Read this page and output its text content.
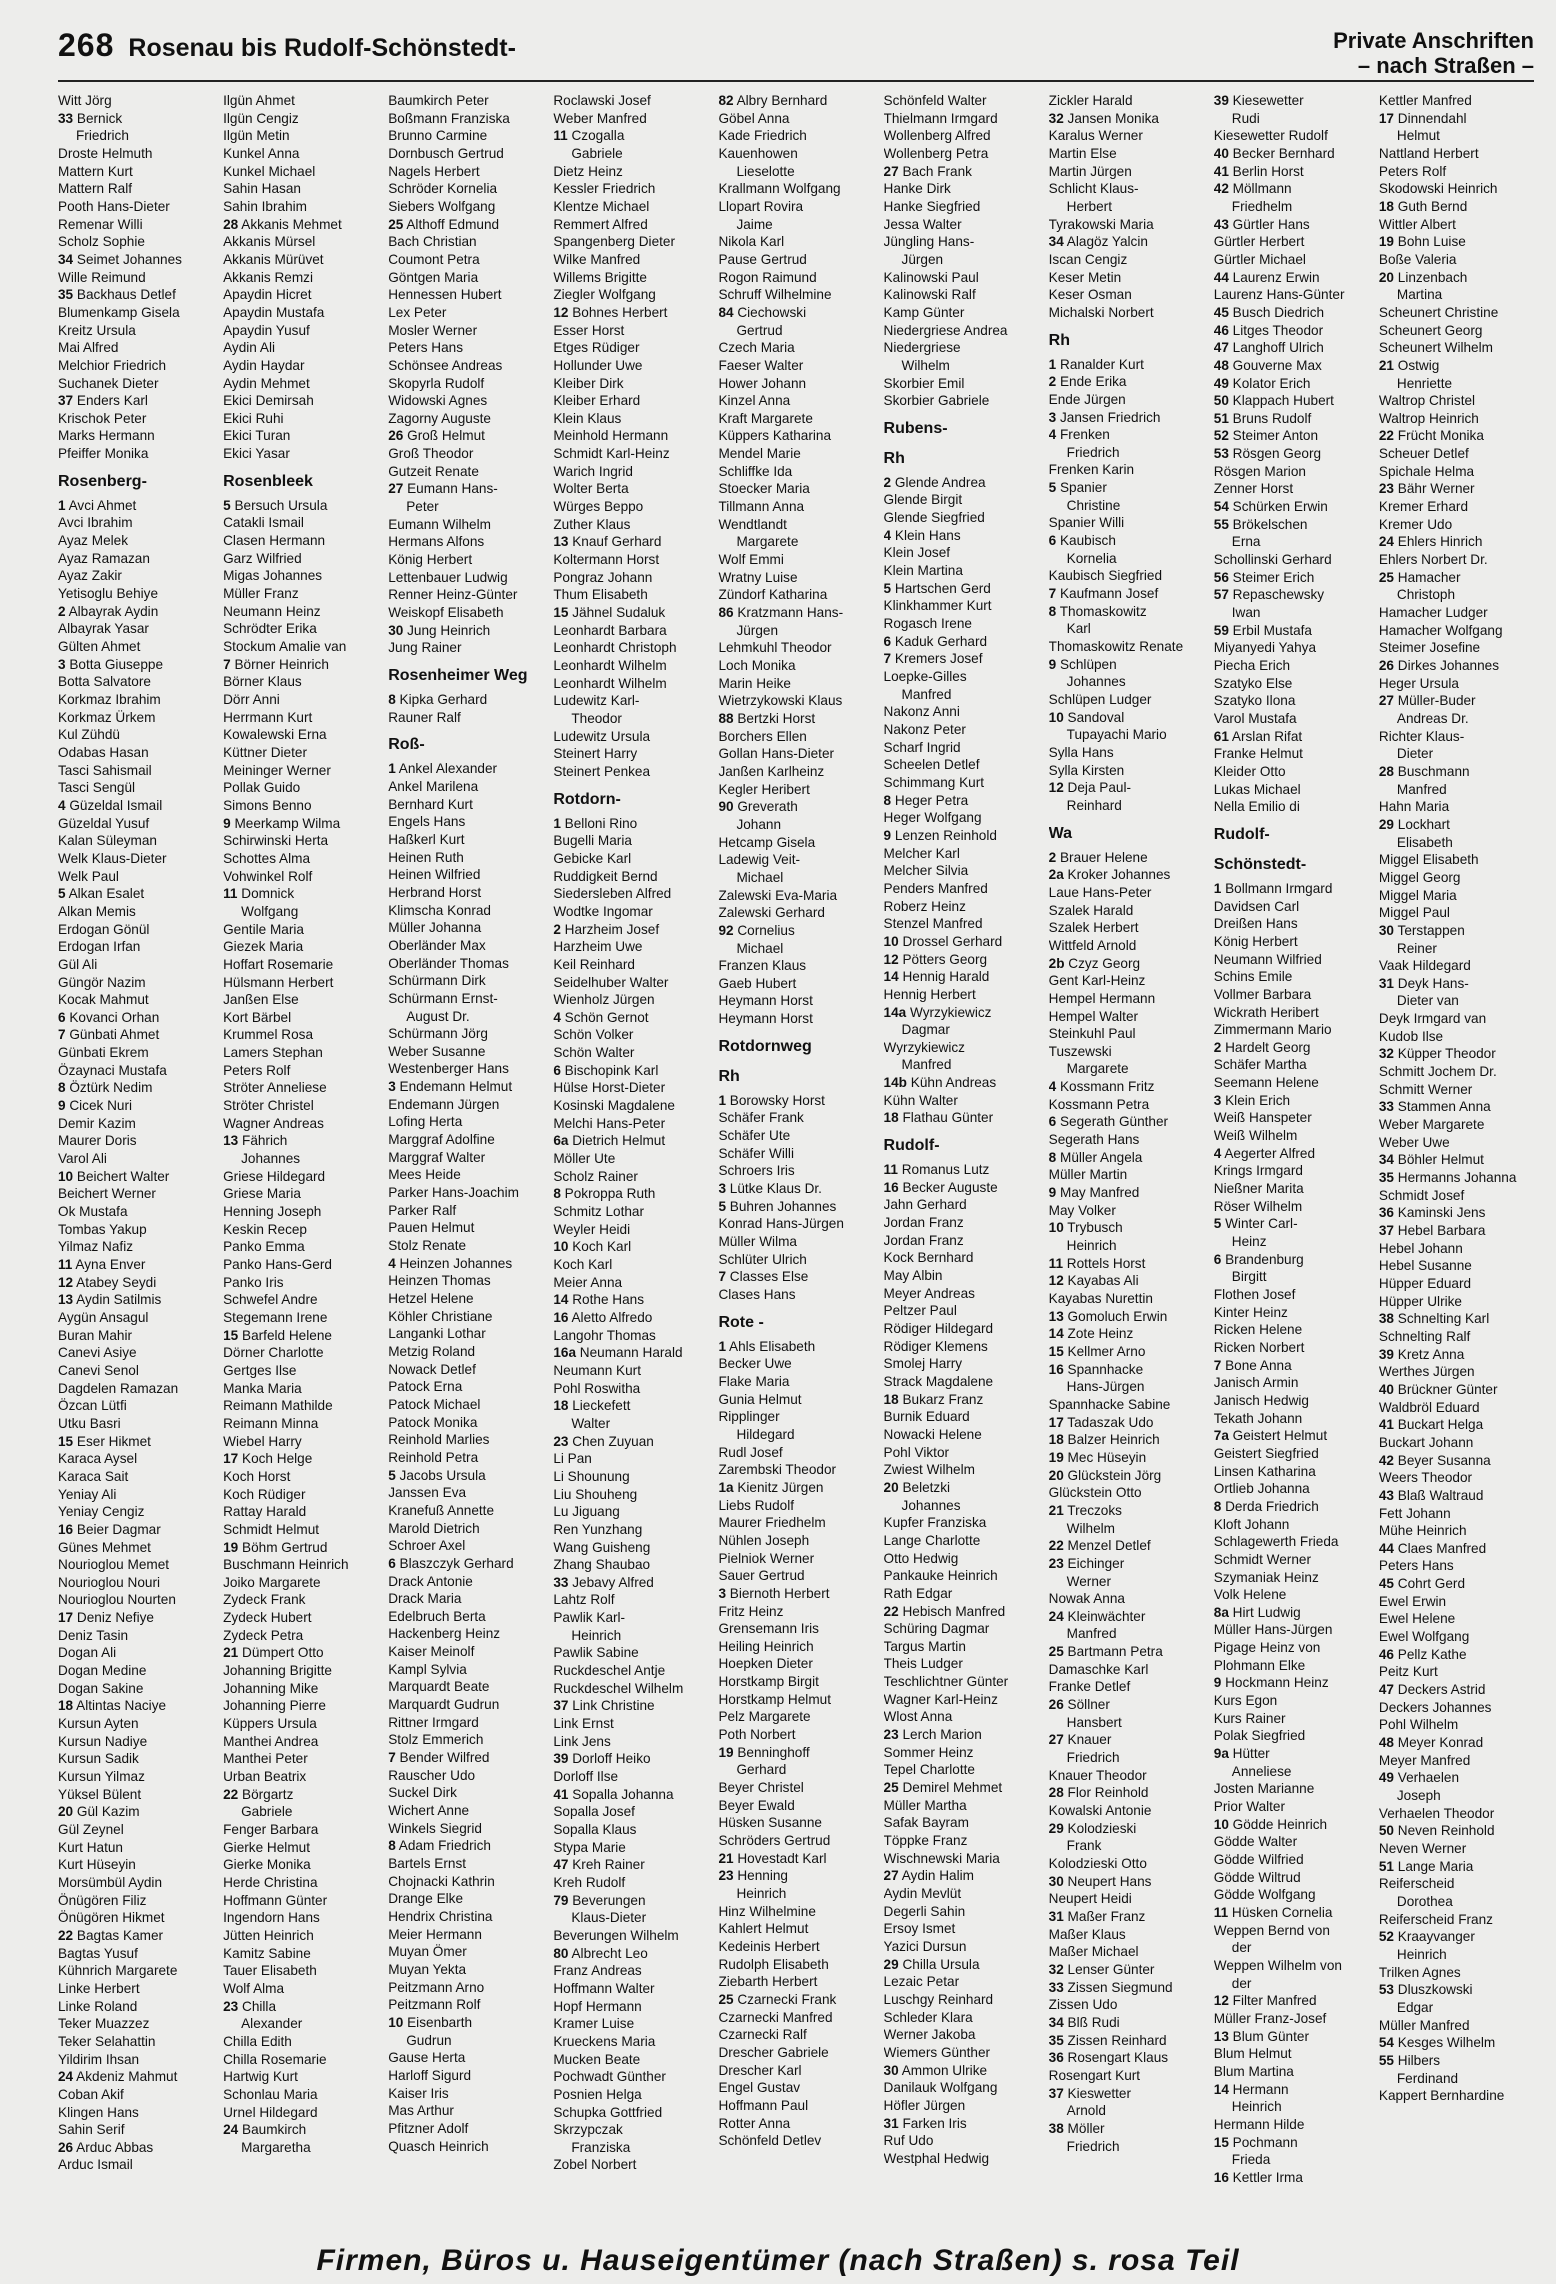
268 Rosenau bis Rudolf-Schönstedt-	Private Anschriften
– nach Straßen –
Witt Jörg
33 Bernick
Friedrich
Droste Helmuth
Mattern Kurt
Mattern Ralf
Pooth Hans-Dieter
Remenar Willi
Scholz Sophie
34 Seimet Johannes
Wille Reimund
35 Backhaus Detlef
Blumenkamp Gisela
Kreitz Ursula
Mai Alfred
Melchior Friedrich
Suchanek Dieter
37 Enders Karl
Krischok Peter
Marks Hermann
Pfeiffer Monika
Rosenberg-
1 Avci Ahmet
Avci Ibrahim
Ayaz Melek
Ayaz Ramazan
Ayaz Zakir
Yetisoglu Behiye
2 Albayrak Aydin
Albayrak Yasar
Gülten Ahmet
3 Botta Giuseppe
Botta Salvatore
Korkmaz Ibrahim
Korkmaz Ürkem
Kul Zühdü
Odabas Hasan
Tasci Sahismail
Tasci Sengül
4 Güzeldal Ismail
Güzeldal Yusuf
Kalan Süleyman
Welk Klaus-Dieter
Welk Paul
5 Alkan Esalet
Alkan Memis
Erdogan Gönül
Erdogan Irfan
Gül Ali
Güngör Nazim
Kocak Mahmut
6 Kovanci Orhan
7 Günbati Ahmet
Günbati Ekrem
Özaynaci Mustafa
8 Öztürk Nedim
9 Cicek Nuri
Demir Kazim
Maurer Doris
Varol Ali
10 Beichert Walter
Beichert Werner
Ok Mustafa
Tombas Yakup
Yilmaz Nafiz
11 Ayna Enver
12 Atabey Seydi
13 Aydin Satilmis
Aygün Ansagul
Buran Mahir
Canevi Asiye
Canevi Senol
Dagdelen Ramazan
Özcan Lütfi
Utku Basri
15 Eser Hikmet
Karaca Aysel
Karaca Sait
Yeniay Ali
Yeniay Cengiz
16 Beier Dagmar
Günes Mehmet
Nourioglou Memet
Nourioglou Nouri
Nourioglou Nourten
17 Deniz Nefiye
Deniz Tasin
Dogan Ali
Dogan Medine
Dogan Sakine
18 Altintas Naciye
Kursun Ayten
Kursun Nadiye
Kursun Sadik
Kursun Yilmaz
Yüksel Bülent
20 Gül Kazim
Gül Zeynel
Kurt Hatun
Kurt Hüseyin
Morsümbül Aydin
Önügören Filiz
Önügören Hikmet
22 Bagtas Kamer
Bagtas Yusuf
Kühnrich Margarete
Linke Herbert
Linke Roland
Teker Muazzez
Teker Selahattin
Yildirim Ihsan
24 Akdeniz Mahmut
Coban Akif
Klingen Hans
Sahin Serif
26 Arduc Abbas
Arduc Ismail
Ilgün Ahmet
Ilgün Cengiz
Ilgün Metin
Kunkel Anna
Kunkel Michael
Sahin Hasan
Sahin Ibrahim
28 Akkanis Mehmet
Akkanis Mürsel
Akkanis Mürüvet
Akkanis Remzi
Apaydin Hicret
Apaydin Mustafa
Apaydin Yusuf
Aydin Ali
Aydin Haydar
Aydin Mehmet
Ekici Demirsah
Ekici Ruhi
Ekici Turan
Ekici Yasar
Rosenbleek
5 Bersuch Ursula
Catakli Ismail
Clasen Hermann
Garz Wilfried
Migas Johannes
Müller Franz
Neumann Heinz
Schrödter Erika
Stockum Amalie van
7 Börner Heinrich
Börner Klaus
Dörr Anni
Herrmann Kurt
Kowalewski Erna
Küttner Dieter
Meininger Werner
Pollak Guido
Simons Benno
9 Meerkamp Wilma
Schirwinski Herta
Schottes Alma
Vohwinkel Rolf
11 Domnick
Wolfgang
Gentile Maria
Giezek Maria
Hoffart Rosemarie
Hülsmann Herbert
Janßen Else
Kort Bärbel
Krummel Rosa
Lamers Stephan
Peters Rolf
Ströter Anneliese
Ströter Christel
Wagner Andreas
13 Fährich
Johannes
Griese Hildegard
Griese Maria
Henning Joseph
Keskin Recep
Panko Emma
Panko Hans-Gerd
Panko Iris
Schwefel Andre
Stegemann Irene
15 Barfeld Helene
Dörner Charlotte
Gertges Ilse
Manka Maria
Reimann Mathilde
Reimann Minna
Wiebel Harry
17 Koch Helge
Koch Horst
Koch Rüdiger
Rattay Harald
Schmidt Helmut
19 Böhm Gertrud
Buschmann Heinrich
Joiko Margarete
Zydeck Frank
Zydeck Hubert
Zydeck Petra
21 Dümpert Otto
Johanning Brigitte
Johanning Mike
Johanning Pierre
Küppers Ursula
Manthei Andrea
Manthei Peter
Urban Beatrix
22 Börgartz
Gabriele
Fenger Barbara
Gierke Helmut
Gierke Monika
Herde Christina
Hoffmann Günter
Ingendorn Hans
Jütten Heinrich
Kamitz Sabine
Tauer Elisabeth
Wolf Alma
23 Chilla
Alexander
Chilla Edith
Chilla Rosemarie
Hartwig Kurt
Schonlau Maria
Urnel Hildegard
24 Baumkirch
Margaretha
Baumkirch Peter
Boßmann Franziska
Brunno Carmine
Dornbusch Gertrud
Nagels Herbert
Schröder Kornelia
Siebers Wolfgang
25 Althoff Edmund
Bach Christian
Coumont Petra
Göntgen Maria
Hennessen Hubert
Lex Peter
Mosler Werner
Peters Hans
Schönsee Andreas
Skopyrla Rudolf
Widowski Agnes
Zagorny Auguste
26 Groß Helmut
Groß Theodor
Gutzeit Renate
27 Eumann Hans-
Peter
Eumann Wilhelm
Hermans Alfons
König Herbert
Lettenbauer Ludwig
Renner Heinz-Günter
Weiskopf Elisabeth
30 Jung Heinrich
Jung Rainer
Rosenheimer Weg
8 Kipka Gerhard
Rauner Ralf
Roß-
1 Ankel Alexander
Ankel Marilena
Bernhard Kurt
Engels Hans
Haßkerl Kurt
Heinen Ruth
Heinen Wilfried
Herbrand Horst
Klimscha Konrad
Müller Johanna
Oberländer Max
Oberländer Thomas
Schürmann Dirk
Schürmann Ernst-
August Dr.
Schürmann Jörg
Weber Susanne
Westenberger Hans
3 Endemann Helmut
Endemann Jürgen
Lofing Herta
Marggraf Adolfine
Marggraf Walter
Mees Heide
Parker Hans-Joachim
Parker Ralf
Pauen Helmut
Stolz Renate
4 Heinzen Johannes
Heinzen Thomas
Hetzel Helene
Köhler Christiane
Langanki Lothar
Metzig Roland
Nowack Detlef
Patock Erna
Patock Michael
Patock Monika
Reinhold Marlies
Reinhold Petra
5 Jacobs Ursula
Janssen Eva
Kranefuß Annette
Marold Dietrich
Schroer Axel
6 Blaszczyk Gerhard
Drack Antonie
Drack Maria
Edelbruch Berta
Hackenberg Heinz
Kaiser Meinolf
Kampl Sylvia
Marquardt Beate
Marquardt Gudrun
Rittner Irmgard
Stolz Emmerich
7 Bender Wilfred
Rauscher Udo
Suckel Dirk
Wichert Anne
Winkels Siegrid
8 Adam Friedrich
Bartels Ernst
Chojnacki Kathrin
Drange Elke
Hendrix Christina
Meier Hermann
Muyan Ömer
Muyan Yekta
Peitzmann Arno
Peitzmann Rolf
10 Eisenbarth
Gudrun
Gause Herta
Harloff Sigurd
Kaiser Iris
Mas Arthur
Pfitzner Adolf
Quasch Heinrich
Roclawski Josef
Weber Manfred
11 Czogalla
Gabriele
Dietz Heinz
Kessler Friedrich
Klentze Michael
Remmert Alfred
Spangenberg Dieter
Wilke Manfred
Willems Brigitte
Ziegler Wolfgang
12 Bohnes Herbert
Esser Horst
Etges Rüdiger
Hollunder Uwe
Kleiber Dirk
Kleiber Erhard
Klein Klaus
Meinhold Hermann
Schmidt Karl-Heinz
Warich Ingrid
Wolter Berta
Würges Beppo
Zuther Klaus
13 Knauf Gerhard
Koltermann Horst
Pongraz Johann
Thum Elisabeth
15 Jähnel Sudaluk
Leonhardt Barbara
Leonhardt Christoph
Leonhardt Wilhelm
Leonhardt Wilhelm
Ludewitz Karl-
Theodor
Ludewitz Ursula
Steinert Harry
Steinert Penkea
Rotdorn-
1 Belloni Rino
Bugelli Maria
Gebicke Karl
Ruddigkeit Bernd
Siedersleben Alfred
Wodtke Ingomar
2 Harzheim Josef
Harzheim Uwe
Keil Reinhard
Seidelhuber Walter
Wienholz Jürgen
4 Schön Gernot
Schön Volker
Schön Walter
6 Bischopink Karl
Hülse Horst-Dieter
Kosinski Magdalene
Melchi Hans-Peter
6a Dietrich Helmut
Möller Ute
Scholz Rainer
8 Pokroppa Ruth
Schmitz Lothar
Weyler Heidi
10 Koch Karl
Koch Karl
Meier Anna
14 Rothe Hans
16 Aletto Alfredo
Langohr Thomas
16a Neumann Harald
Neumann Kurt
Pohl Roswitha
18 Lieckefett
Walter
23 Chen Zuyuan
Li Pan
Li Shounung
Liu Shouheng
Lu Jiguang
Ren Yunzhang
Wang Guisheng
Zhang Shaubao
33 Jebavy Alfred
Lahtz Rolf
Pawlik Karl-
Heinrich
Pawlik Sabine
Ruckdeschel Antje
Ruckdeschel Wilhelm
37 Link Christine
Link Ernst
Link Jens
39 Dorloff Heiko
Dorloff Ilse
41 Sopalla Johanna
Sopalla Josef
Sopalla Klaus
Stypa Marie
47 Kreh Rainer
Kreh Rudolf
79 Beverungen
Klaus-Dieter
Beverungen Wilhelm
80 Albrecht Leo
Franz Andreas
Hoffmann Walter
Hopf Hermann
Kramer Luise
Krueckens Maria
Mucken Beate
Pochwadt Günther
Posnien Helga
Schupka Gottfried
Skrzypczak
Franziska
Zobel Norbert
82 Albry Bernhard
Göbel Anna
Kade Friedrich
Kauenhowen
Lieselotte
Krallmann Wolfgang
Llopart Rovira
Jaime
Nikola Karl
Pause Gertrud
Rogon Raimund
Schruff Wilhelmine
84 Ciechowski
Gertrud
Czech Maria
Faeser Walter
Hower Johann
Kinzel Anna
Kraft Margarete
Küppers Katharina
Mendel Marie
Schliffke Ida
Stoecker Maria
Tillmann Anna
Wendtlandt
Margarete
Wolf Emmi
Wratny Luise
Zündorf Katharina
86 Kratzmann Hans-
Jürgen
Lehmkuhl Theodor
Loch Monika
Marin Heike
Wietrzykowski Klaus
88 Bertzki Horst
Borchers Ellen
Gollan Hans-Dieter
Janßen Karlheinz
Kegler Heribert
90 Greverath
Johann
Hetcamp Gisela
Ladewig Veit-
Michael
Zalewski Eva-Maria
Zalewski Gerhard
92 Cornelius
Michael
Franzen Klaus
Gaeb Hubert
Heymann Horst
Heymann Horst
Rotdornweg
Rh
1 Borowsky Horst
Schäfer Frank
Schäfer Ute
Schäfer Willi
Schroers Iris
3 Lütke Klaus Dr.
5 Buhren Johannes
Konrad Hans-Jürgen
Müller Wilma
Schlüter Ulrich
7 Classes Else
Clases Hans
Rote -
1 Ahls Elisabeth
Becker Uwe
Flake Maria
Gunia Helmut
Ripplinger
Hildegard
Rudl Josef
Zarembski Theodor
1a Kienitz Jürgen
Liebs Rudolf
Maurer Friedhelm
Nühlen Joseph
Pielniok Werner
Sauer Gertrud
3 Biernoth Herbert
Fritz Heinz
Grensemann Iris
Heiling Heinrich
Hoepken Dieter
Horstkamp Birgit
Horstkamp Helmut
Pelz Margarete
Poth Norbert
19 Benninghoff
Gerhard
Beyer Christel
Beyer Ewald
Hüsken Susanne
Schröders Gertrud
21 Hovestadt Karl
23 Henning
Heinrich
Hinz Wilhelmine
Kahlert Helmut
Kedeinis Herbert
Rudolph Elisabeth
Ziebarth Herbert
25 Czarnecki Frank
Czarnecki Manfred
Czarnecki Ralf
Drescher Gabriele
Drescher Karl
Engel Gustav
Hoffmann Paul
Rotter Anna
Schönfeld Detlev
Schönfeld Walter
Thielmann Irmgard
Wollenberg Alfred
Wollenberg Petra
27 Bach Frank
Hanke Dirk
Hanke Siegfried
Jessa Walter
Jüngling Hans-
Jürgen
Kalinowski Paul
Kalinowski Ralf
Kamp Günter
Niedergriese Andrea
Niedergriese
Wilhelm
Skorbier Emil
Skorbier Gabriele
Rubens-
Rh
2 Glende Andrea
Glende Birgit
Glende Siegfried
4 Klein Hans
Klein Josef
Klein Martina
5 Hartschen Gerd
Klinkhammer Kurt
Rogasch Irene
6 Kaduk Gerhard
7 Kremers Josef
Loepke-Gilles
Manfred
Nakonz Anni
Nakonz Peter
Scharf Ingrid
Scheelen Detlef
Schimmang Kurt
8 Heger Petra
Heger Wolfgang
9 Lenzen Reinhold
Melcher Karl
Melcher Silvia
Penders Manfred
Roberz Heinz
Stenzel Manfred
10 Drossel Gerhard
12 Pötters Georg
14 Hennig Harald
Hennig Herbert
14a Wyrzykiewicz
Dagmar
Wyrzykiewicz
Manfred
14b Kühn Andreas
Kühn Walter
18 Flathau Günter
Rudolf-
11 Romanus Lutz
16 Becker Auguste
Jahn Gerhard
Jordan Franz
Jordan Franz
Kock Bernhard
May Albin
Meyer Andreas
Peltzer Paul
Rödiger Hildegard
Rödiger Klemens
Smolej Harry
Strack Magdalene
18 Bukarz Franz
Burnik Eduard
Nowacki Helene
Pohl Viktor
Zwiest Wilhelm
20 Beletzki
Johannes
Kupfer Franziska
Lange Charlotte
Otto Hedwig
Pankauke Heinrich
Rath Edgar
22 Hebisch Manfred
Schüring Dagmar
Targus Martin
Theis Ludger
Teschlichtner Günter
Wagner Karl-Heinz
Wlost Anna
23 Lerch Marion
Sommer Heinz
Tepel Charlotte
25 Demirel Mehmet
Müller Martha
Safak Bayram
Töppke Franz
Wischnewski Maria
27 Aydin Halim
Aydin Mevlüt
Degerli Sahin
Ersoy Ismet
Yazici Dursun
29 Chilla Ursula
Lezaic Petar
Luschgy Reinhard
Schleder Klara
Werner Jakoba
Wiemers Günther
30 Ammon Ulrike
Danilauk Wolfgang
Höfler Jürgen
31 Farken Iris
Ruf Udo
Westphal Hedwig
Zickler Harald
32 Jansen Monika
Karalus Werner
Martin Else
Martin Jürgen
Schlicht Klaus-
Herbert
Tyrakowski Maria
34 Alagöz Yalcin
Iscan Cengiz
Keser Metin
Keser Osman
Michalski Norbert
Rh
1 Ranalder Kurt
2 Ende Erika
Ende Jürgen
3 Jansen Friedrich
4 Frenken
Friedrich
Frenken Karin
5 Spanier
Christine
Spanier Willi
6 Kaubisch
Kornelia
Kaubisch Siegfried
7 Kaufmann Josef
8 Thomaskowitz
Karl
Thomaskowitz Renate
9 Schlüpen
Johannes
Schlüpen Ludger
10 Sandoval
Tupayachi Mario
Sylla Hans
Sylla Kirsten
12 Deja Paul-
Reinhard
Wa
2 Brauer Helene
2a Kroker Johannes
Laue Hans-Peter
Szalek Harald
Szalek Herbert
Wittfeld Arnold
2b Czyz Georg
Gent Karl-Heinz
Hempel Hermann
Hempel Walter
Steinkuhl Paul
Tuszewski
Margarete
4 Kossmann Fritz
Kossmann Petra
6 Segerath Günther
Segerath Hans
8 Müller Angela
Müller Martin
9 May Manfred
May Volker
10 Trybusch
Heinrich
11 Rottels Horst
12 Kayabas Ali
Kayabas Nurettin
13 Gomoluch Erwin
14 Zote Heinz
15 Kellmer Arno
16 Spannhacke
Hans-Jürgen
Spannhacke Sabine
17 Tadaszak Udo
18 Balzer Heinrich
19 Mec Hüseyin
20 Glückstein Jörg
Glückstein Otto
21 Treczoks
Wilhelm
22 Menzel Detlef
23 Eichinger
Werner
Nowak Anna
24 Kleinwächter
Manfred
25 Bartmann Petra
Damaschke Karl
Franke Detlef
26 Söllner
Hansbert
27 Knauer
Friedrich
Knauer Theodor
28 Flor Reinhold
Kowalski Antonie
29 Kolodzieski
Frank
Kolodzieski Otto
30 Neupert Hans
Neupert Heidi
31 Maßer Franz
Maßer Klaus
Maßer Michael
32 Lenser Günter
33 Zissen Siegmund
Zissen Udo
34 Blß Rudi
35 Zissen Reinhard
36 Rosengart Klaus
Rosengart Kurt
37 Kieswetter
Arnold
38 Möller
Friedrich
39 Kiesewetter
Rudi
Kiesewetter Rudolf
40 Becker Bernhard
41 Berlin Horst
42 Möllmann
Friedhelm
43 Gürtler Hans
Gürtler Herbert
Gürtler Michael
44 Laurenz Erwin
Laurenz Hans-Günter
45 Busch Diedrich
46 Litges Theodor
47 Langhoff Ulrich
48 Gouverne Max
49 Kolator Erich
50 Klappach Hubert
51 Bruns Rudolf
52 Steimer Anton
53 Rösgen Georg
Rösgen Marion
Zenner Horst
54 Schürken Erwin
55 Brökelschen
Erna
Schollinski Gerhard
56 Steimer Erich
57 Repaschewsky
Iwan
59 Erbil Mustafa
Miyanyedi Yahya
Piecha Erich
Szatyko Else
Szatyko Ilona
Varol Mustafa
61 Arslan Rifat
Franke Helmut
Kleider Otto
Lukas Michael
Nella Emilio di
Rudolf-
Schönstedt-
1 Bollmann Irmgard
Davidsen Carl
Dreißen Hans
König Herbert
Neumann Wilfried
Schins Emile
Vollmer Barbara
Wickrath Heribert
Zimmermann Mario
2 Hardelt Georg
Schäfer Martha
Seemann Helene
3 Klein Erich
Weiß Hanspeter
Weiß Wilhelm
4 Aegerter Alfred
Krings Irmgard
Nießner Marita
Röser Wilhelm
5 Winter Carl-
Heinz
6 Brandenburg
Birgitt
Flothen Josef
Kinter Heinz
Ricken Helene
Ricken Norbert
7 Bone Anna
Janisch Armin
Janisch Hedwig
Tekath Johann
7a Geistert Helmut
Geistert Siegfried
Linsen Katharina
Ortlieb Johanna
8 Derda Friedrich
Kloft Johann
Schlagewerth Frieda
Schmidt Werner
Szymaniak Heinz
Volk Helene
8a Hirt Ludwig
Müller Hans-Jürgen
Pigage Heinz von
Plohmann Elke
9 Hockmann Heinz
Kurs Egon
Kurs Rainer
Polak Siegfried
9a Hütter
Anneliese
Josten Marianne
Prior Walter
10 Gödde Heinrich
Gödde Walter
Gödde Wilfried
Gödde Wiltrud
Gödde Wolfgang
11 Hüsken Cornelia
Weppen Bernd von
der
Weppen Wilhelm von
der
12 Filter Manfred
Müller Franz-Josef
13 Blum Günter
Blum Helmut
Blum Martina
14 Hermann
Heinrich
Hermann Hilde
15 Pochmann
Frieda
16 Kettler Irma
Kettler Manfred
17 Dinnendahl
Helmut
Nattland Herbert
Peters Rolf
Skodowski Heinrich
18 Guth Bernd
Wittler Albert
19 Bohn Luise
Boße Valeria
20 Linzenbach
Martina
Scheunert Christine
Scheunert Georg
Scheunert Wilhelm
21 Ostwig
Henriette
Waltrop Christel
Waltrop Heinrich
22 Frücht Monika
Scheuer Detlef
Spichale Helma
23 Bähr Werner
Kremer Erhard
Kremer Udo
24 Ehlers Hinrich
Ehlers Norbert Dr.
25 Hamacher
Christoph
Hamacher Ludger
Hamacher Wolfgang
Steimer Josefine
26 Dirkes Johannes
Heger Ursula
27 Müller-Buder
Andreas Dr.
Richter Klaus-
Dieter
28 Buschmann
Manfred
Hahn Maria
29 Lockhart
Elisabeth
Miggel Elisabeth
Miggel Georg
Miggel Maria
Miggel Paul
30 Terstappen
Reiner
Vaak Hildegard
31 Deyk Hans-
Dieter van
Deyk Irmgard van
Kudob Ilse
32 Küpper Theodor
Schmitt Jochem Dr.
Schmitt Werner
33 Stammen Anna
Weber Margarete
Weber Uwe
34 Böhler Helmut
35 Hermanns Johanna
Schmidt Josef
36 Kaminski Jens
37 Hebel Barbara
Hebel Johann
Hebel Susanne
Hüpper Eduard
Hüpper Ulrike
38 Schnelting Karl
Schnelting Ralf
39 Kretz Anna
Werthes Jürgen
40 Brückner Günter
Waldbröl Eduard
41 Buckart Helga
Buckart Johann
42 Beyer Susanna
Weers Theodor
43 Blaß Waltraud
Fett Johann
Mühe Heinrich
44 Claes Manfred
Peters Hans
45 Cohrt Gerd
Ewel Erwin
Ewel Helene
Ewel Wolfgang
46 Pellz Kathe
Peitz Kurt
47 Deckers Astrid
Deckers Johannes
Pohl Wilhelm
48 Meyer Konrad
Meyer Manfred
49 Verhaelen
Joseph
Verhaelen Theodor
50 Neven Reinhold
Neven Werner
51 Lange Maria
Reiferscheid
Dorothea
Reiferscheid Franz
52 Kraayvanger
Heinrich
Trilken Agnes
53 Dluszkowski
Edgar
Müller Manfred
54 Kesges Wilhelm
55 Hilbers
Ferdinand
Kappert Bernhardine
Firmen, Büros u. Hauseigentümer (nach Straßen) s. rosa Teil
